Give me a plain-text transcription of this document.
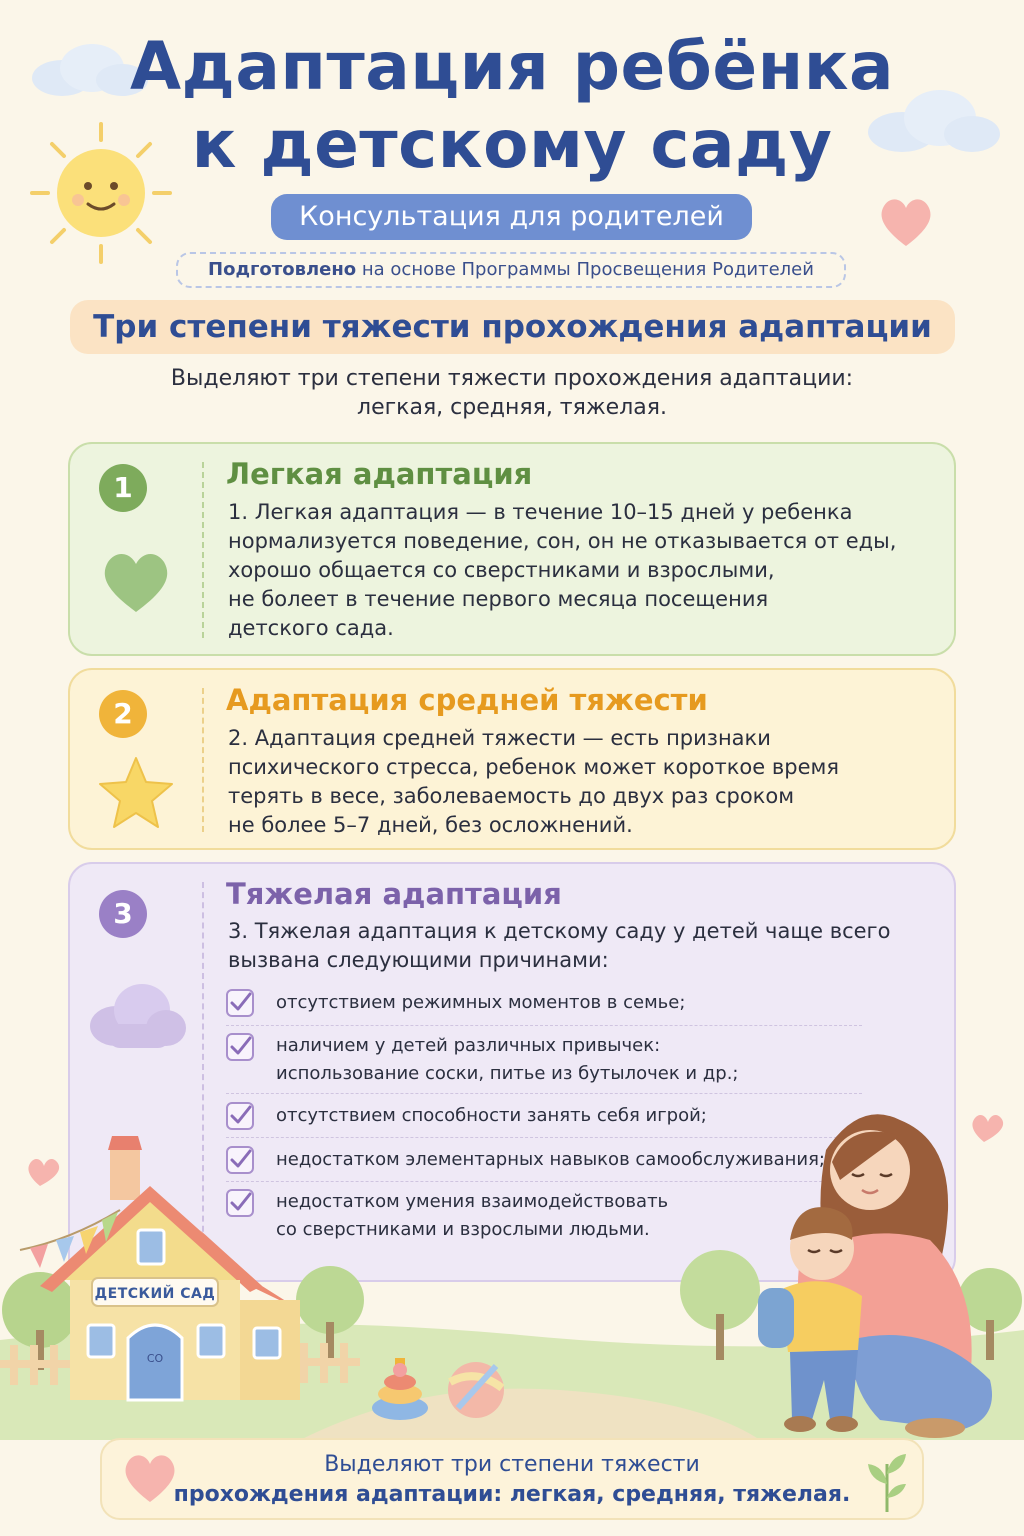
Адаптация ребёнка
к детскому саду
Консультация для родителей
Подготовлено на основе Программы Просвещения Родителей
Три степени тяжести прохождения адаптации
Выделяют три степени тяжести прохождения адаптации:
легкая, средняя, тяжелая.
1	Легкая адаптация
1. Легкая адаптация — в течение 10–15 дней у ребенка
нормализуется поведение, сон, он не отказывается от еды,
хорошо общается со сверстниками и взрослыми,
не болеет в течение первого месяца посещения
детского сада.
2	Адаптация средней тяжести
2. Адаптация средней тяжести — есть признаки
психического стресса, ребенок может короткое время
терять в весе, заболеваемость до двух раз сроком
не более 5–7 дней, без осложнений.
3
Тяжелая адаптация
3. Тяжелая адаптация к детскому саду у детей чаще всего
вызвана следующими причинами:
отсутствием режимных моментов в семье;
наличием у детей различных привычек:
использование соски, питье из бутылочек и др.;
отсутствием способности занять себя игрой;
недостатком элементарных навыков самообслуживания;
недостатком умения взаимодействовать
со сверстниками и взрослыми людьми.
ДЕТСКИЙ САД
CO
Выделяют три степени тяжести
прохождения адаптации: легкая, средняя, тяжелая.
